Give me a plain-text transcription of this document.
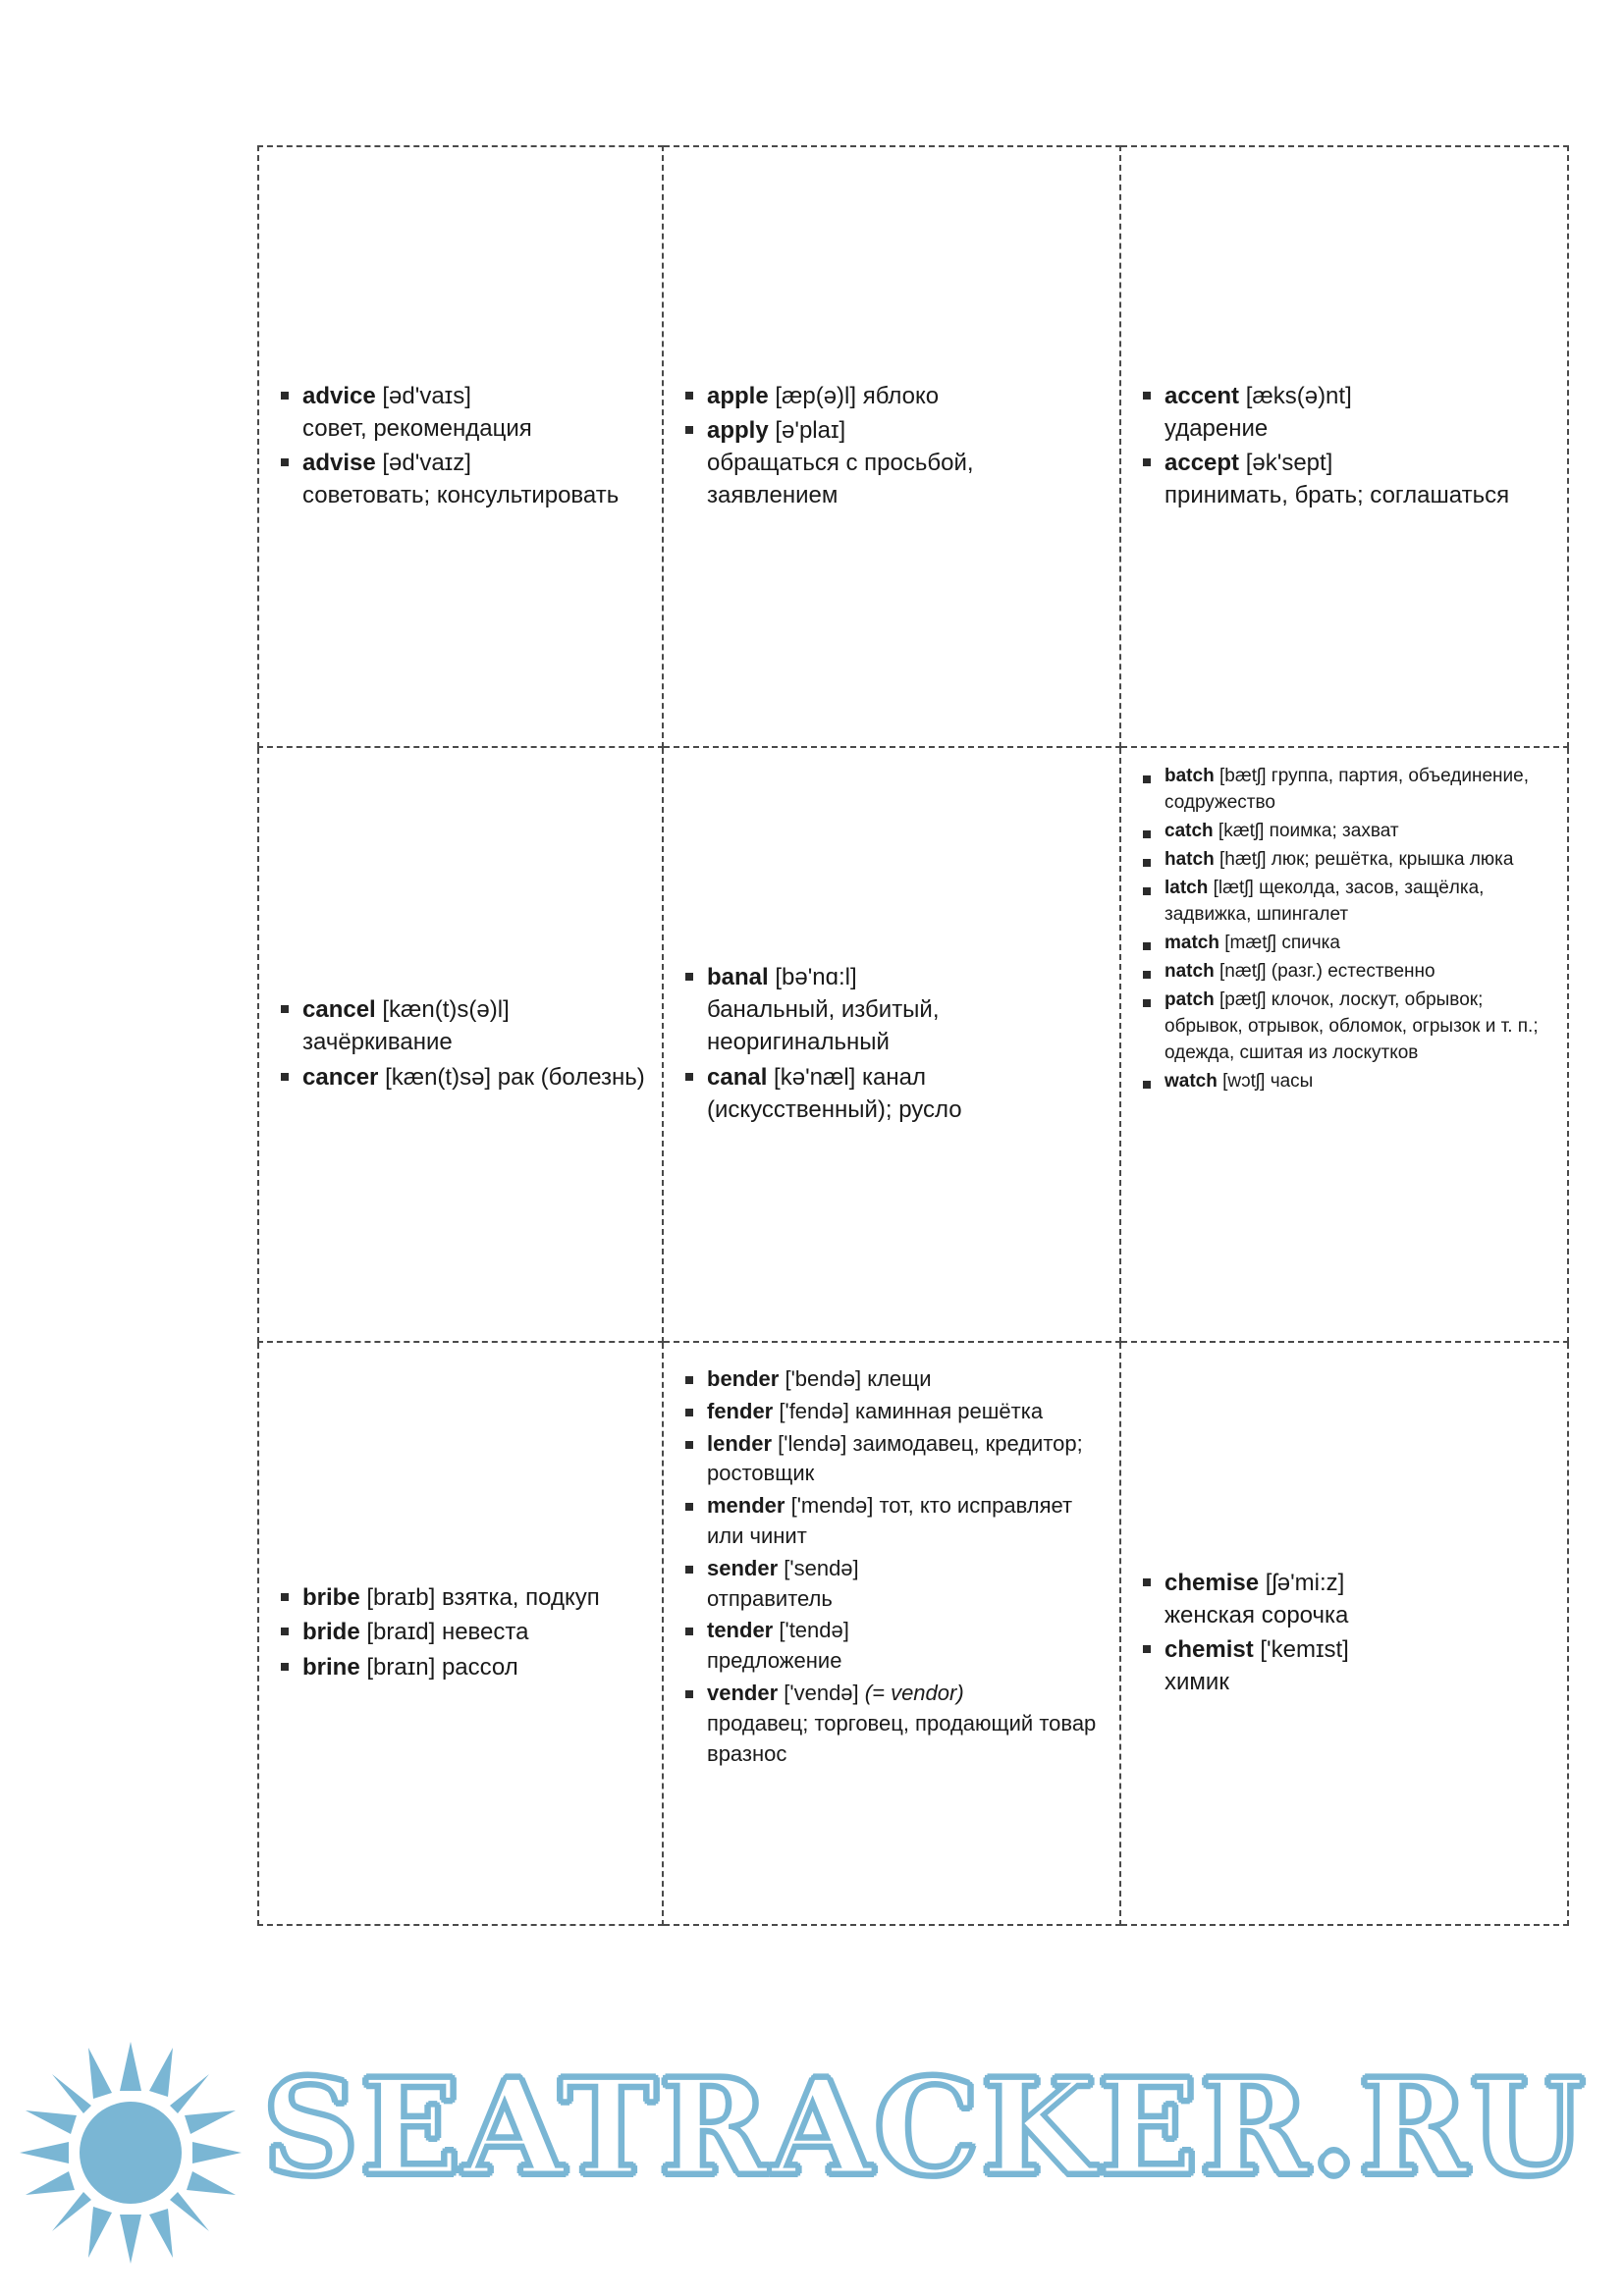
advice [əd'vaɪs]
совет, рекомендация
advise [əd'vaɪz]
советовать; консультировать

apple [æp(ə)l] яблоко
apply [ə'plaɪ]
обращаться с просьбой, заявлением

accent [æks(ə)nt]
ударение
accept [ək'sept]
принимать, брать; соглашаться

cancel [kæn(t)s(ə)l]
зачёркивание
cancer [kæn(t)sə] рак (болезнь)

banal [bə'nɑ:l]
банальный, избитый, неоригинальный
canal [kə'næl] канал (искусственный); русло

batch [bætʃ] группа, партия, объединение, содружество
catch [kætʃ] поимка; захват
hatch [hætʃ] люк; решётка, крышка люка
latch [lætʃ] щеколда, засов, защёлка, задвижка, шпингалет
match [mætʃ] спичка
natch [nætʃ] (разг.) естественно
patch [pætʃ] клочок, лоскут, обрывок; обрывок, отрывок, обломок, огрызок и т. п.; одежда, сшитая из лоскутков
watch [wɔtʃ] часы

bribe [braɪb] взятка, подкуп
bride [braɪd] невеста
brine [braɪn] рассол

bender ['bendə] клещи
fender ['fendə] каминная решётка
lender ['lendə] заимодавец, кредитор; ростовщик
mender ['mendə] тот, кто исправляет или чинит
sender ['sendə]
отправитель
tender ['tendə]
предложение
vender ['vendə] (= vendor)
продавец; торговец, продающий товар вразнос

chemise [ʃə'mi:z]
женская сорочка
chemist ['kemɪst]
химик
SEATRACKER.RU
